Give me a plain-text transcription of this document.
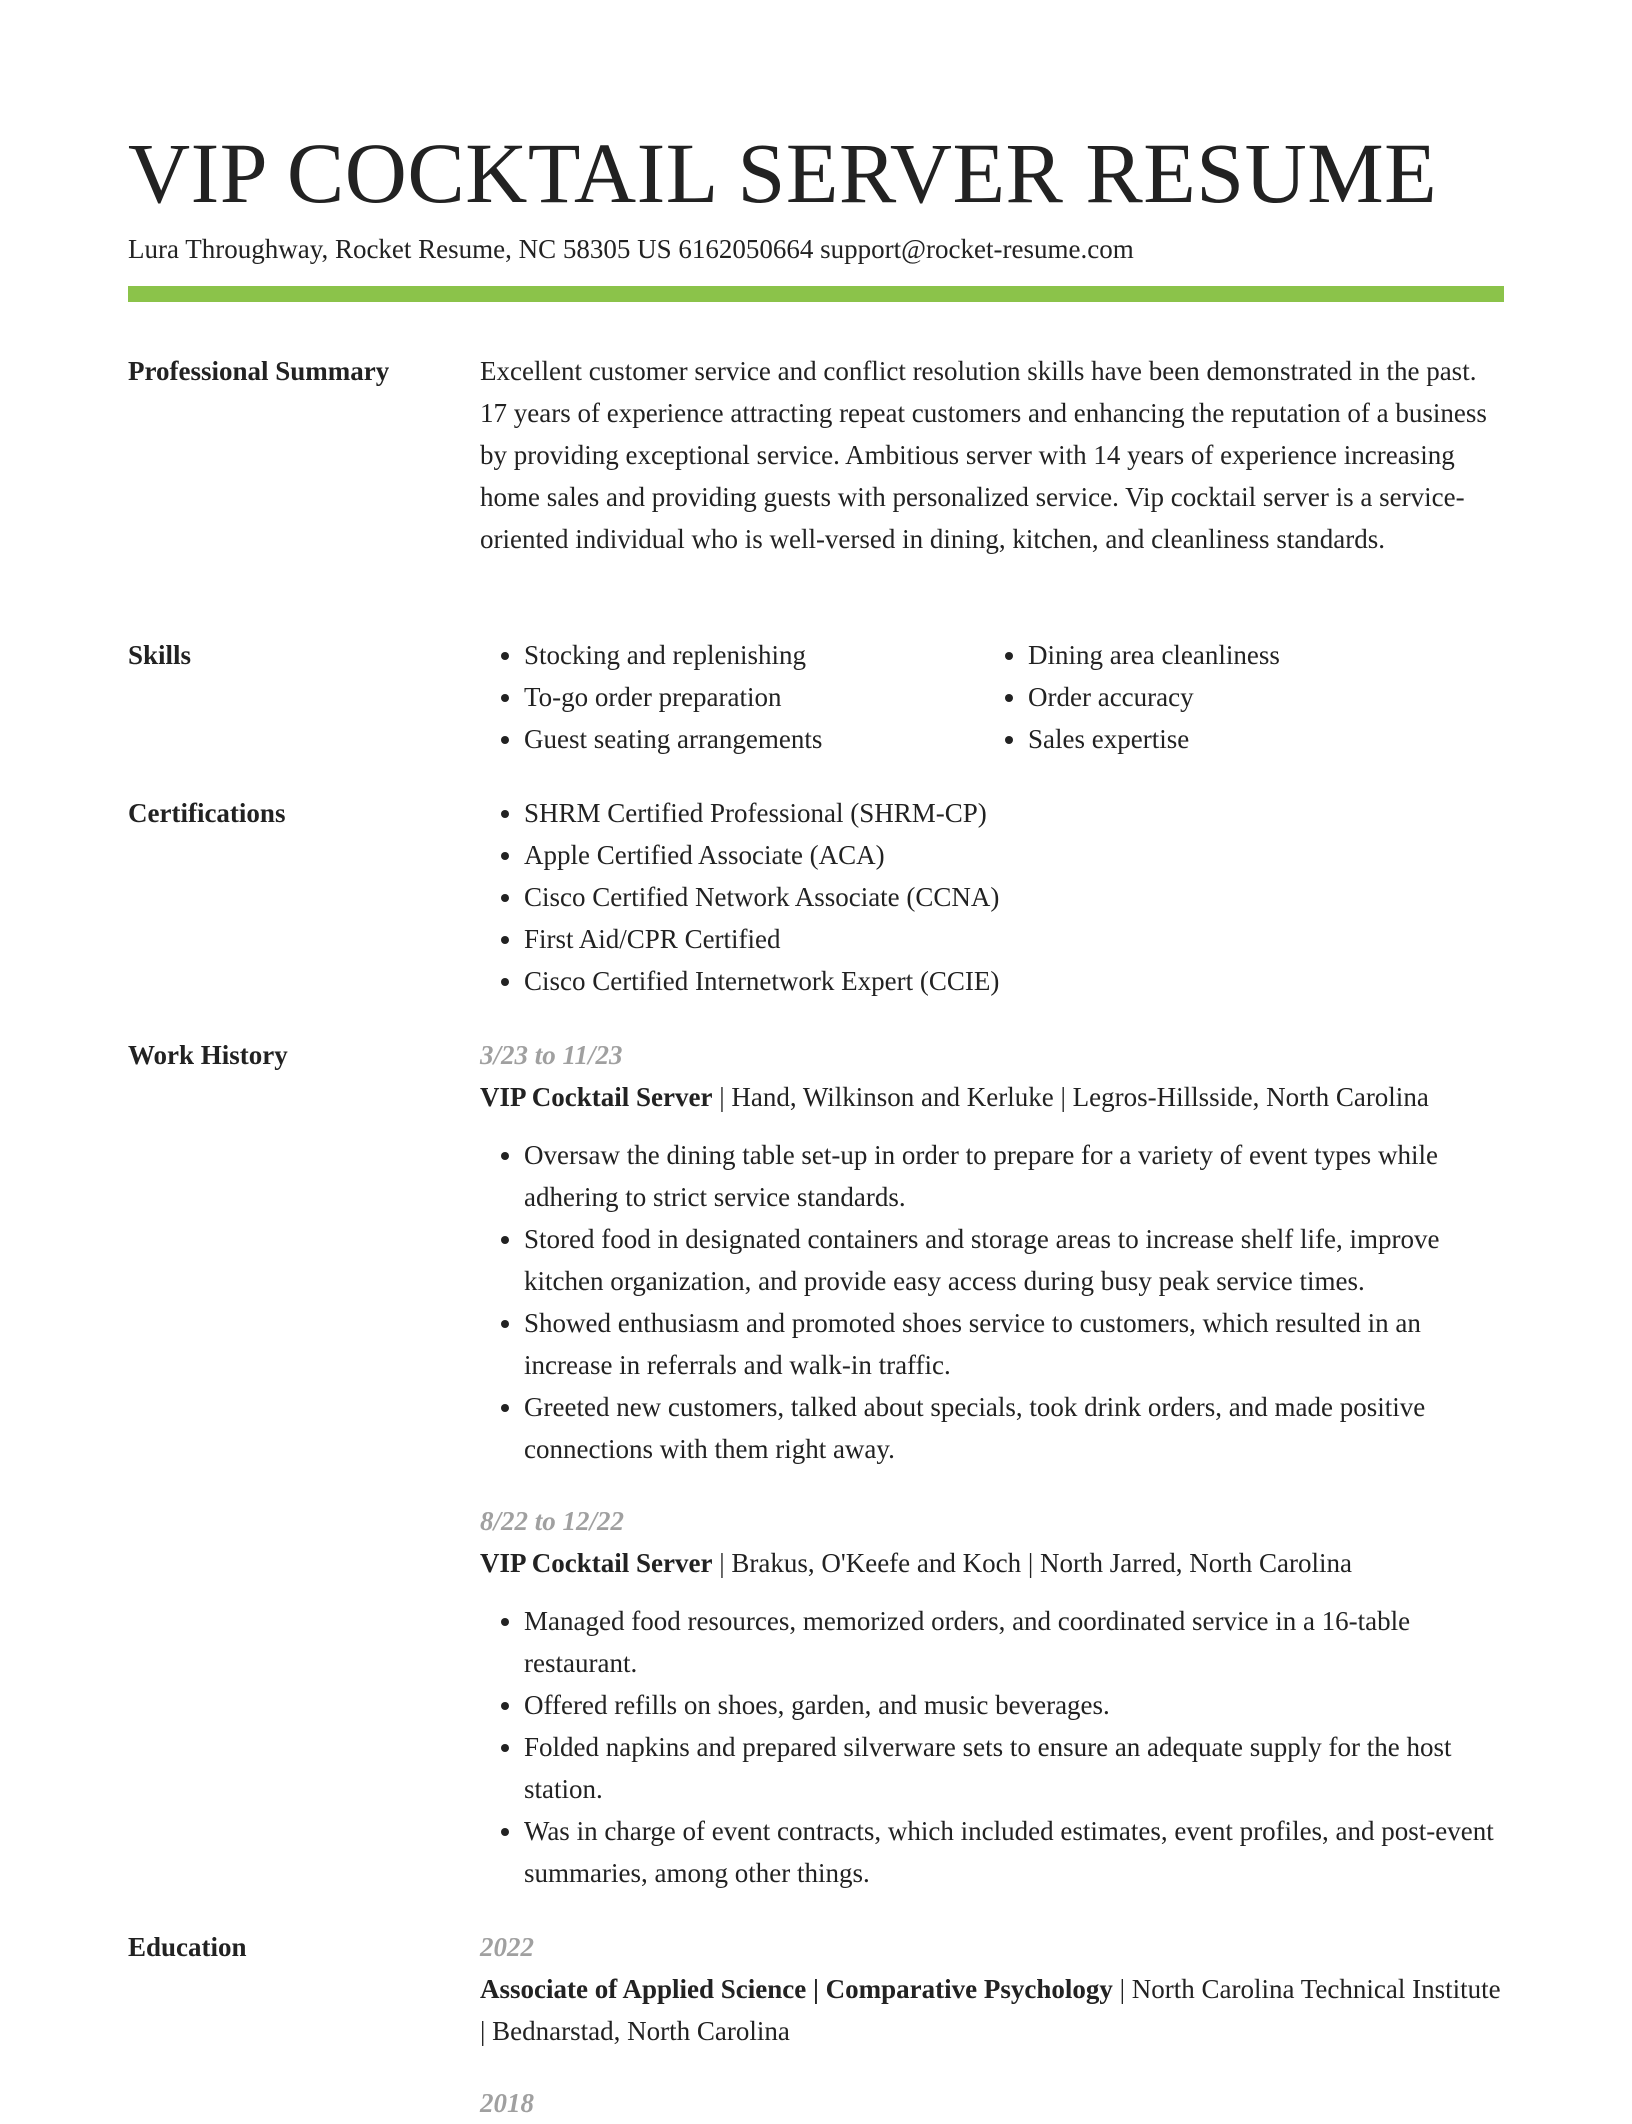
VIP COCKTAIL SERVER RESUME
Lura Throughway, Rocket Resume, NC 58305 US 6162050664 support@rocket-resume.com
Professional Summary	Excellent customer service and conflict resolution skills have been demonstrated in the past. 17 years of experience attracting repeat customers and enhancing the reputation of a business by providing exceptional service. Ambitious server with 14 years of experience increasing home sales and providing guests with personalized service. Vip cocktail server is a service-oriented individual who is well-versed in dining, kitchen, and cleanliness standards.

Skills	• Stocking and replenishing
• To-go order preparation
• Guest seating arrangements
• Dining area cleanliness
• Order accuracy
• Sales expertise
Certifications	• SHRM Certified Professional (SHRM-CP)
• Apple Certified Associate (ACA)
• Cisco Certified Network Associate (CCNA)
• First Aid/CPR Certified
• Cisco Certified Internetwork Expert (CCIE)
Work History	3/23 to 11/23

VIP Cocktail Server | Hand, Wilkinson and Kerluke | Legros-Hillsside, North Carolina

• Oversaw the dining table set-up in order to prepare for a variety of event types while adhering to strict service standards.
• Stored food in designated containers and storage areas to increase shelf life, improve kitchen organization, and provide easy access during busy peak service times.
• Showed enthusiasm and promoted shoes service to customers, which resulted in an increase in referrals and walk-in traffic.
• Greeted new customers, talked about specials, took drink orders, and made positive connections with them right away.
8/22 to 12/22

VIP Cocktail Server | Brakus, O'Keefe and Koch | North Jarred, North Carolina

• Managed food resources, memorized orders, and coordinated service in a 16-table restaurant.
• Offered refills on shoes, garden, and music beverages.
• Folded napkins and prepared silverware sets to ensure an adequate supply for the host station.
• Was in charge of event contracts, which included estimates, event profiles, and post-event summaries, among other things.
Education	2022
Associate of Applied Science | Comparative Psychology | North Carolina Technical Institute | Bednarstad, North Carolina
2018
